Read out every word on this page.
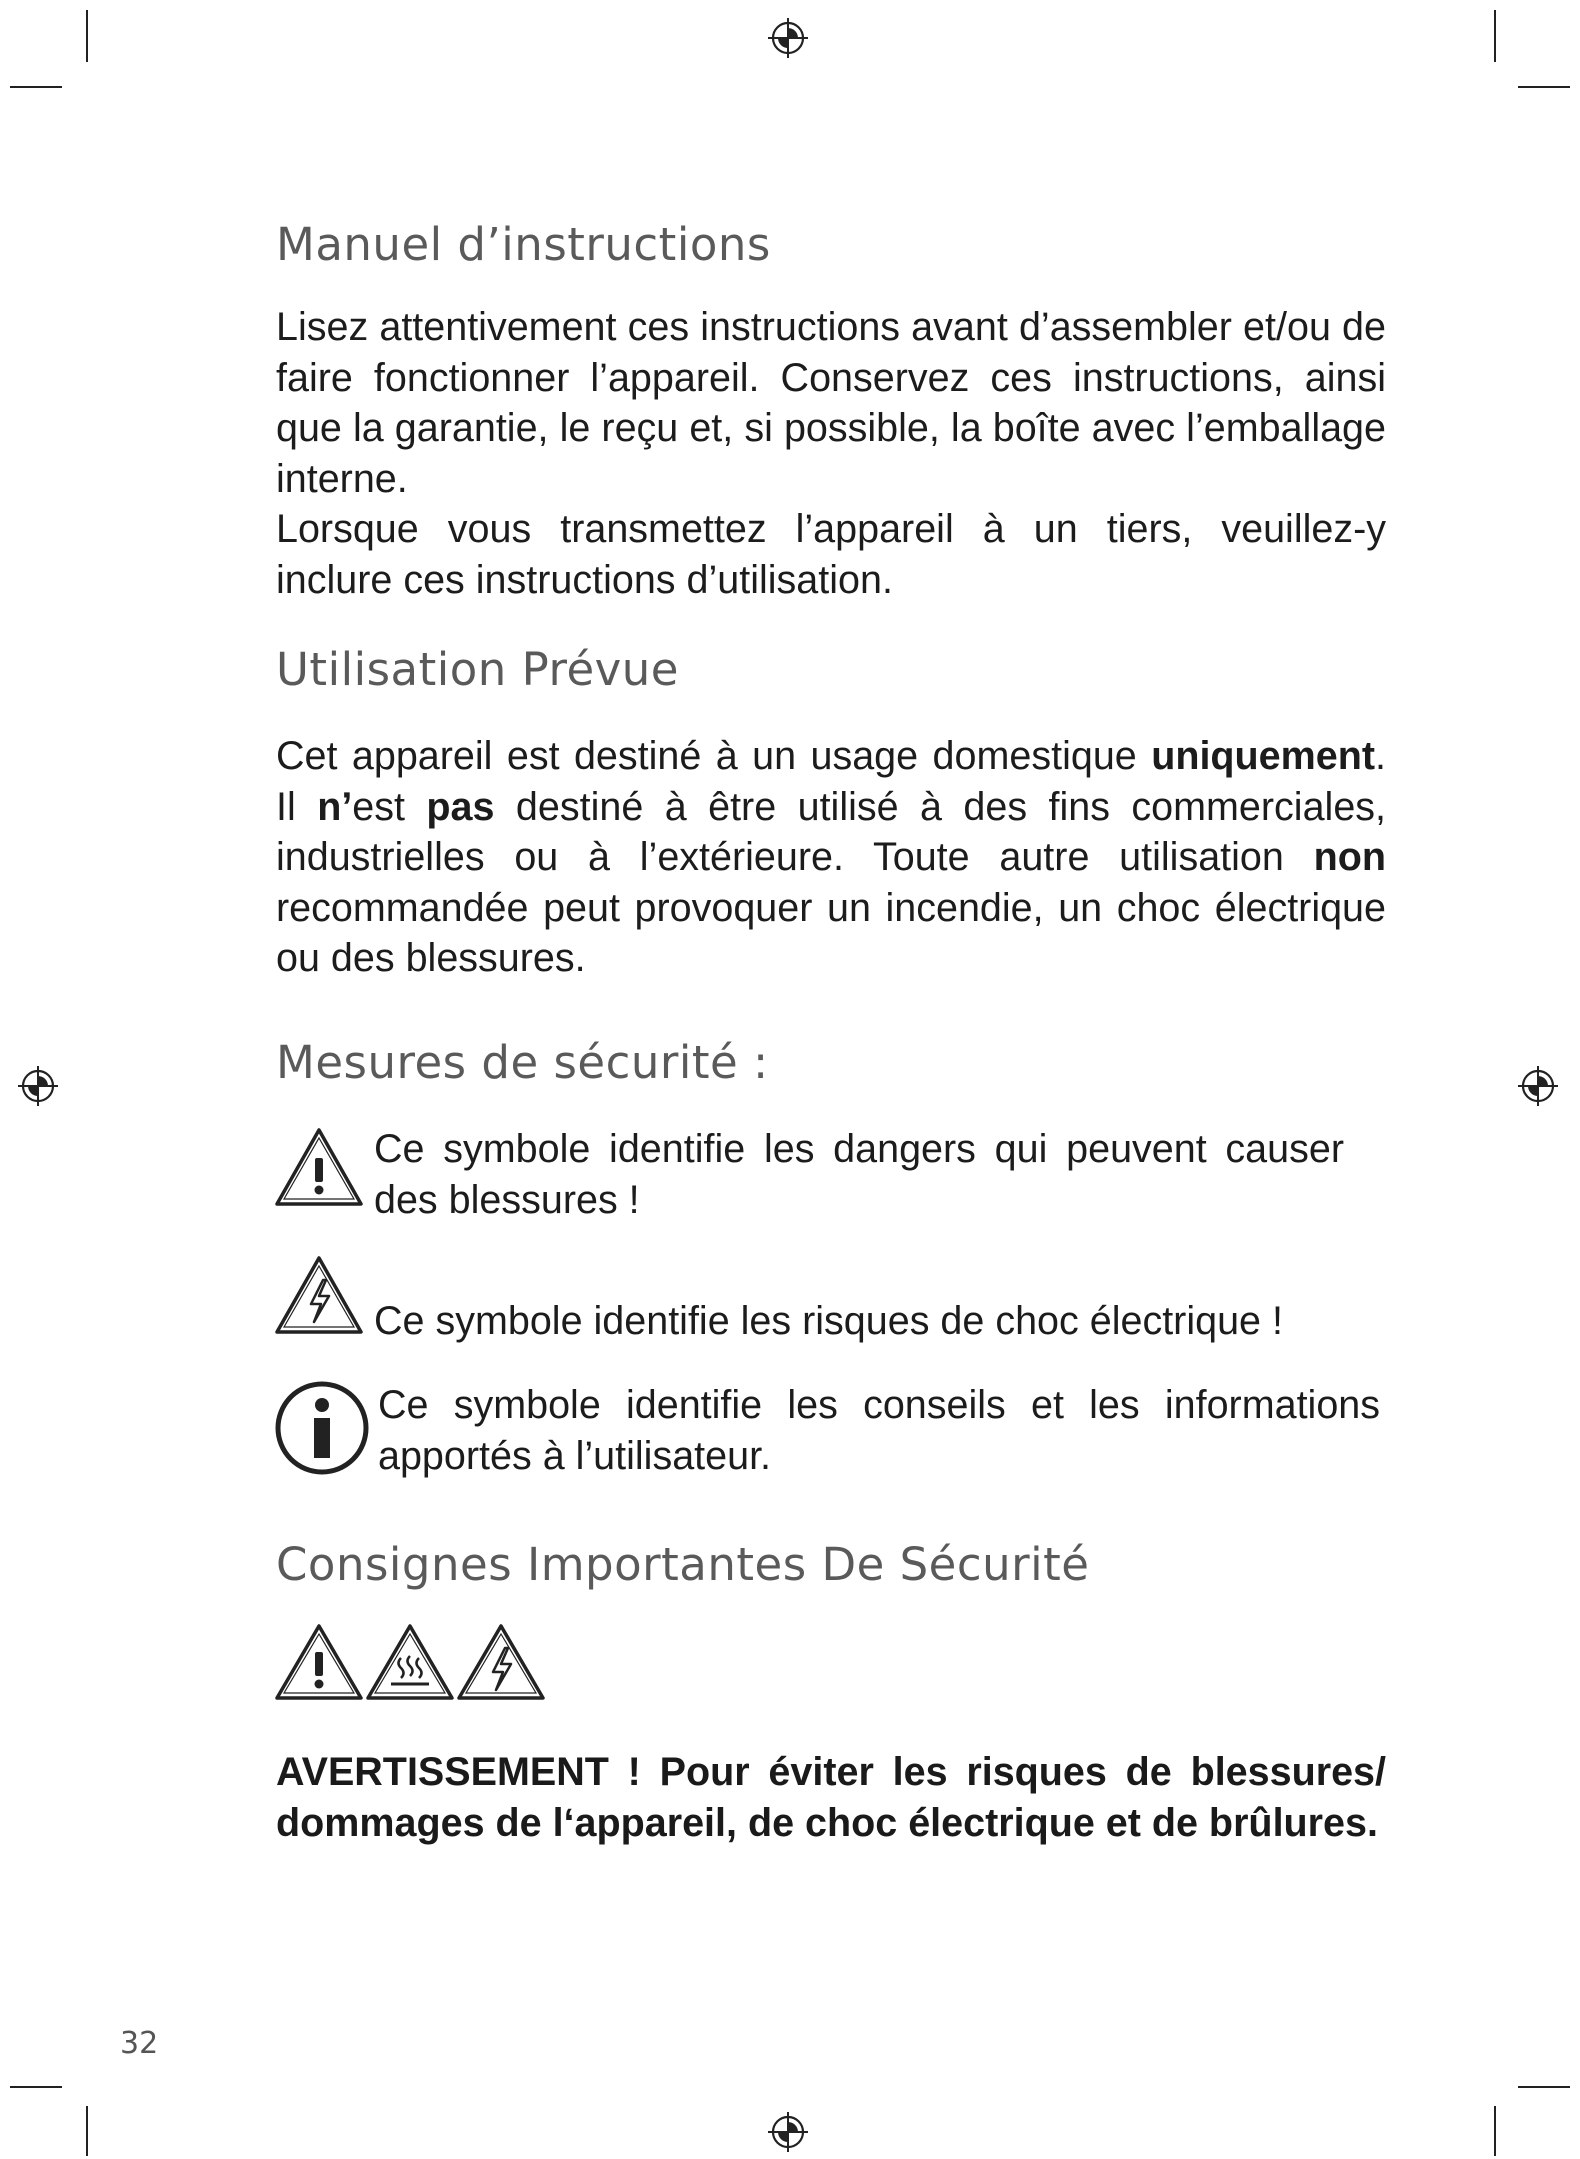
Manuel d’instructions

Lisez attentivement ces instructions avant d’assembler et/ou de faire fonctionner l’appareil. Conservez ces instructions, ainsi que la garantie, le reçu et, si possible, la boîte avec l’emballage interne.

Lorsque vous transmettez l’appareil à un tiers, veuillez-y inclure ces instructions d’utilisation.

Utilisation Prévue

Cet appareil est destiné à un usage domestique uniquement. Il n’est pas destiné à être utilisé à des fins commerciales, industrielles ou à l’extérieure. Toute autre utilisation non recommandée peut provoquer un incendie, un choc électrique ou des blessures.

Mesures de sécurité :
Ce symbole identifie les dangers qui peuvent causer des blessures !
Ce symbole identifie les risques de choc électrique !
Ce symbole identifie les conseils et les informations apportés à l’utilisateur.
Consignes Importantes De Sécurité

AVERTISSEMENT ! Pour éviter les risques de blessures/ dommages de l‘appareil, de choc électrique et de brûlures.

32
